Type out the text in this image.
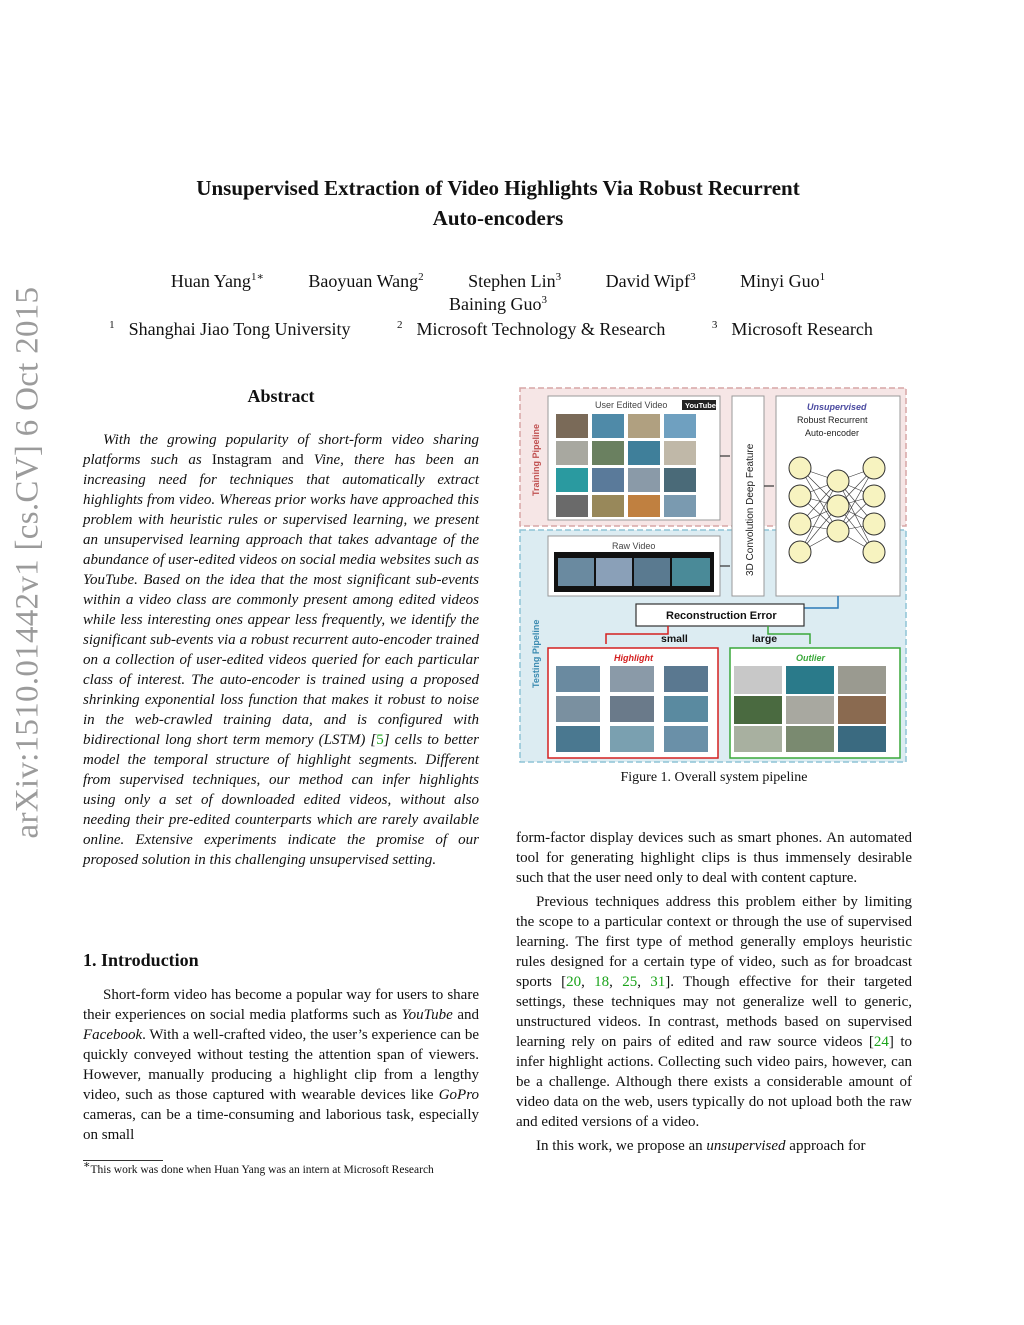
Unsupervised Extraction of Video Highlights Via Robust Recurrent
Auto-encoders
Huan Yang$^{1∗}$ Baoyuan Wang$^2$ Stephen Lin$^3$ David Wipf$^3$ Minyi Guo$^1$
Baining Guo$^3$
$^1$ Shanghai Jiao Tong University	$^2$ Microsoft Technology & Research	$^3$ Microsoft Research
arXiv:1510.01442v1 [cs.CV] 6 Oct 2015	Abstract

With the growing popularity of short-form video sharing platforms such as Instagram and Vine, there has been an increasing need for techniques that automatically extract highlights from video. Whereas prior works have approached this problem with heuristic rules or supervised learning, we present an unsupervised learning approach that takes advantage of the abundance of user-edited videos on social media websites such as YouTube. Based on the idea that the most significant sub-events within a video class are commonly present among edited videos while less interesting ones appear less frequently, we identify the significant sub-events via a robust recurrent auto-encoder trained on a collection of user-edited videos queried for each particular class of interest. The auto-encoder is trained using a proposed shrinking exponential loss function that makes it robust to noise in the web-crawled training data, and is configured with bidirectional long short term memory (LSTM) [5] cells to better model the temporal structure of highlight segments. Different from supervised techniques, our method can infer highlights using only a set of downloaded edited videos, without also needing their pre-edited counterparts which are rarely available online. Extensive experiments indicate the promise of our proposed solution in this challenging unsupervised setting.

1. Introduction

Short-form video has become a popular way for users to share their experiences on social media platforms such as YouTube and Facebook. With a well-crafted video, the user’s experience can be quickly conveyed without testing the attention span of viewers. However, manually producing a highlight clip from a lengthy video, such as those captured with wearable devices like GoPro cameras, can be a time-consuming and laborious task, especially on small

∗This work was done when Huan Yang was an intern at Microsoft Research

form-factor display devices such as smart phones. An automated tool for generating highlight clips is thus immensely desirable such that the user need only to deal with content capture.

Previous techniques address this problem either by limiting the scope to a particular context or through the use of supervised learning. The first type of method generally employs heuristic rules designed for a certain type of video, such as for broadcast sports [20, 18, 25, 31]. Though effective for their targeted settings, these techniques may not generalize well to generic, unstructured videos. In contrast, methods based on supervised learning rely on pairs of edited and raw source videos [24] to infer highlight actions. Collecting such video pairs, however, can be a challenge. Although there exists a considerable amount of video data on the web, users typically do not upload both the raw and edited versions of a video.

In this work, we propose an unsupervised approach for

Training Pipeline
Testing Pipeline
User Edited Video YouTube
Raw Video	3D Convolution Deep Feature
Unsupervised
Robust Recurrent
Auto-encoder
Reconstruction Error
small	large
Highlight	Outlier
Figure 1. Overall system pipeline
